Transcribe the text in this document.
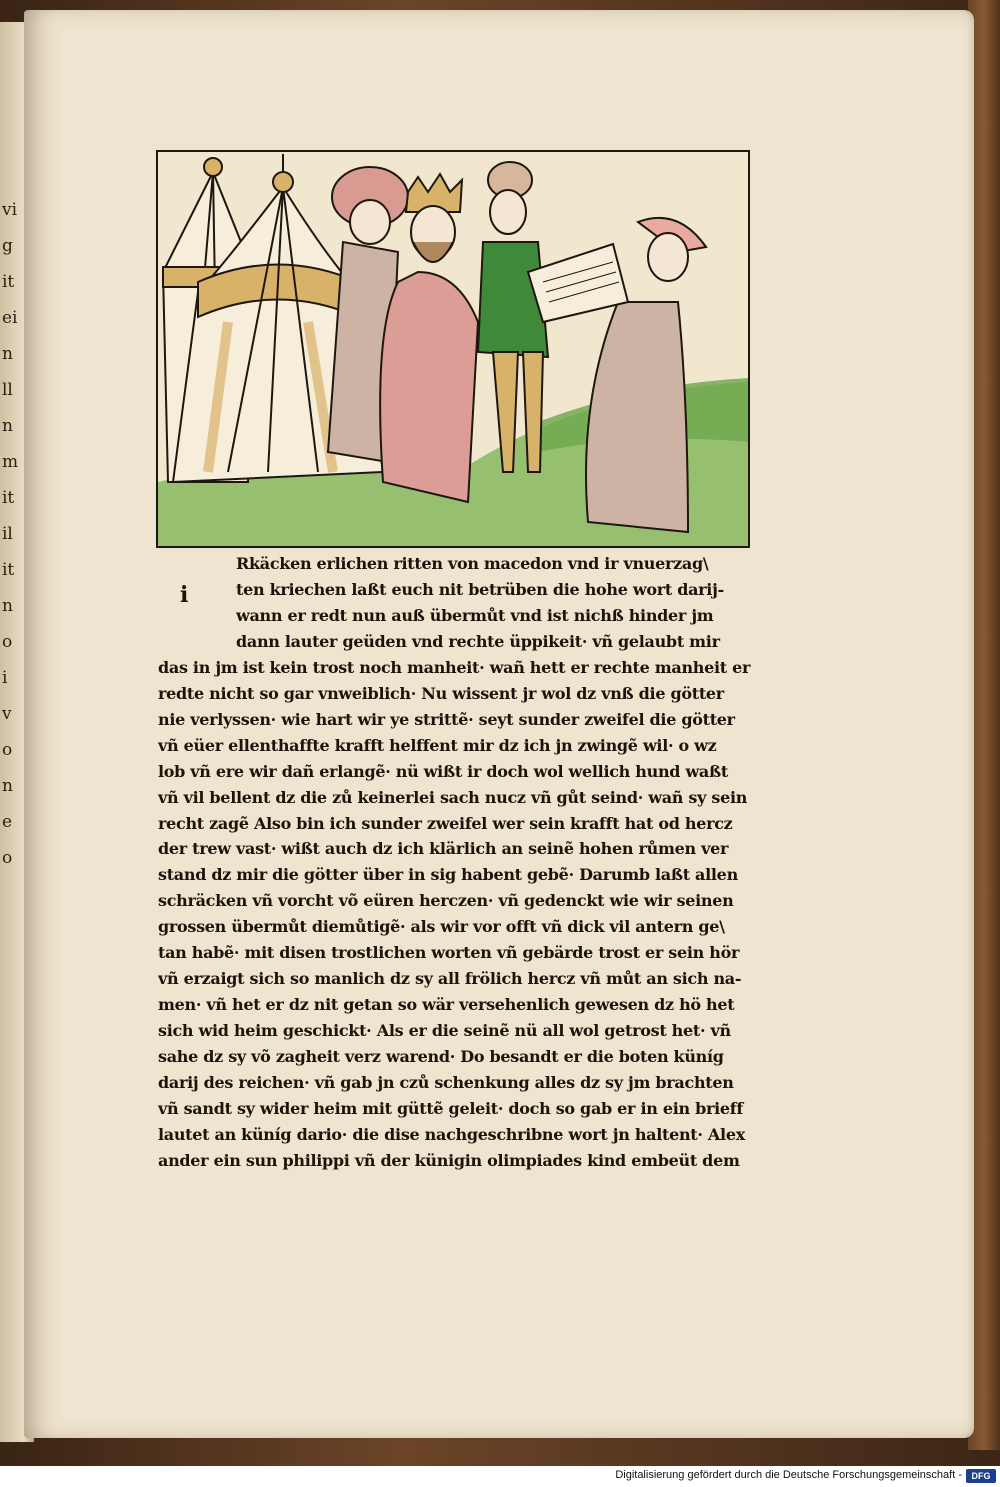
vi
g
it
ei
n
ll
n
m
it
il
it
n
o
i
v
o
n
e
o
i
Rkäcken erlichen ritten von macedon vnd ir vnuerzag\
ten kriechen laßt euch nit betrüben die hohe wort darij-
wann er redt nun auß übermůt vnd ist nichß hinder jm
dann lauter geüden vnd rechte üppikeit· vñ gelaubt mir
das in jm ist kein trost noch manheit· wañ hett er rechte manheit er
redte nicht so gar vnweiblich· Nu wissent jr wol dz vnß die götter
nie verlyssen· wie hart wir ye strittẽ· seyt sunder zweifel die götter
vñ eüer ellenthaffte krafft helffent mir dz ich jn zwingẽ wil· o wz
lob vñ ere wir dañ erlangẽ· nü wißt ir doch wol wellich hund waßt
vñ vil bellent dz die zů keinerlei sach nucz vñ gůt seind· wañ sy sein
recht zagẽ Also bin ich sunder zweifel wer sein krafft hat od hercz
der trew vast· wißt auch dz ich klärlich an seinẽ hohen růmen ver
stand dz mir die götter über in sig habent gebẽ· Darumb laßt allen
schräcken vñ vorcht võ eüren herczen· vñ gedenckt wie wir seinen
grossen übermůt diemůtigẽ· als wir vor offt vñ dick vil antern ge\
tan habẽ· mit disen trostlichen worten vñ gebärde trost er sein hör
vñ erzaigt sich so manlich dz sy all frölich hercz vñ můt an sich na-
men· vñ het er dz nit getan so wär versehenlich gewesen dz hö het
sich wid heim geschickt· Als er die seinẽ nü all wol getrost het· vñ
sahe dz sy võ zagheit verz warend· Do besandt er die boten küníg
darij des reichen· vñ gab jn czů schenkung alles dz sy jm brachten
vñ sandt sy wider heim mit güttẽ geleit· doch so gab er in ein brieff
lautet an küníg dario· die dise nachgeschribne wort jn haltent· Alex
ander ein sun philippi vñ der künigin olimpiades kind embeüt dem
Digitalisierung gefördert durch die Deutsche Forschungsgemeinschaft -	DFG
